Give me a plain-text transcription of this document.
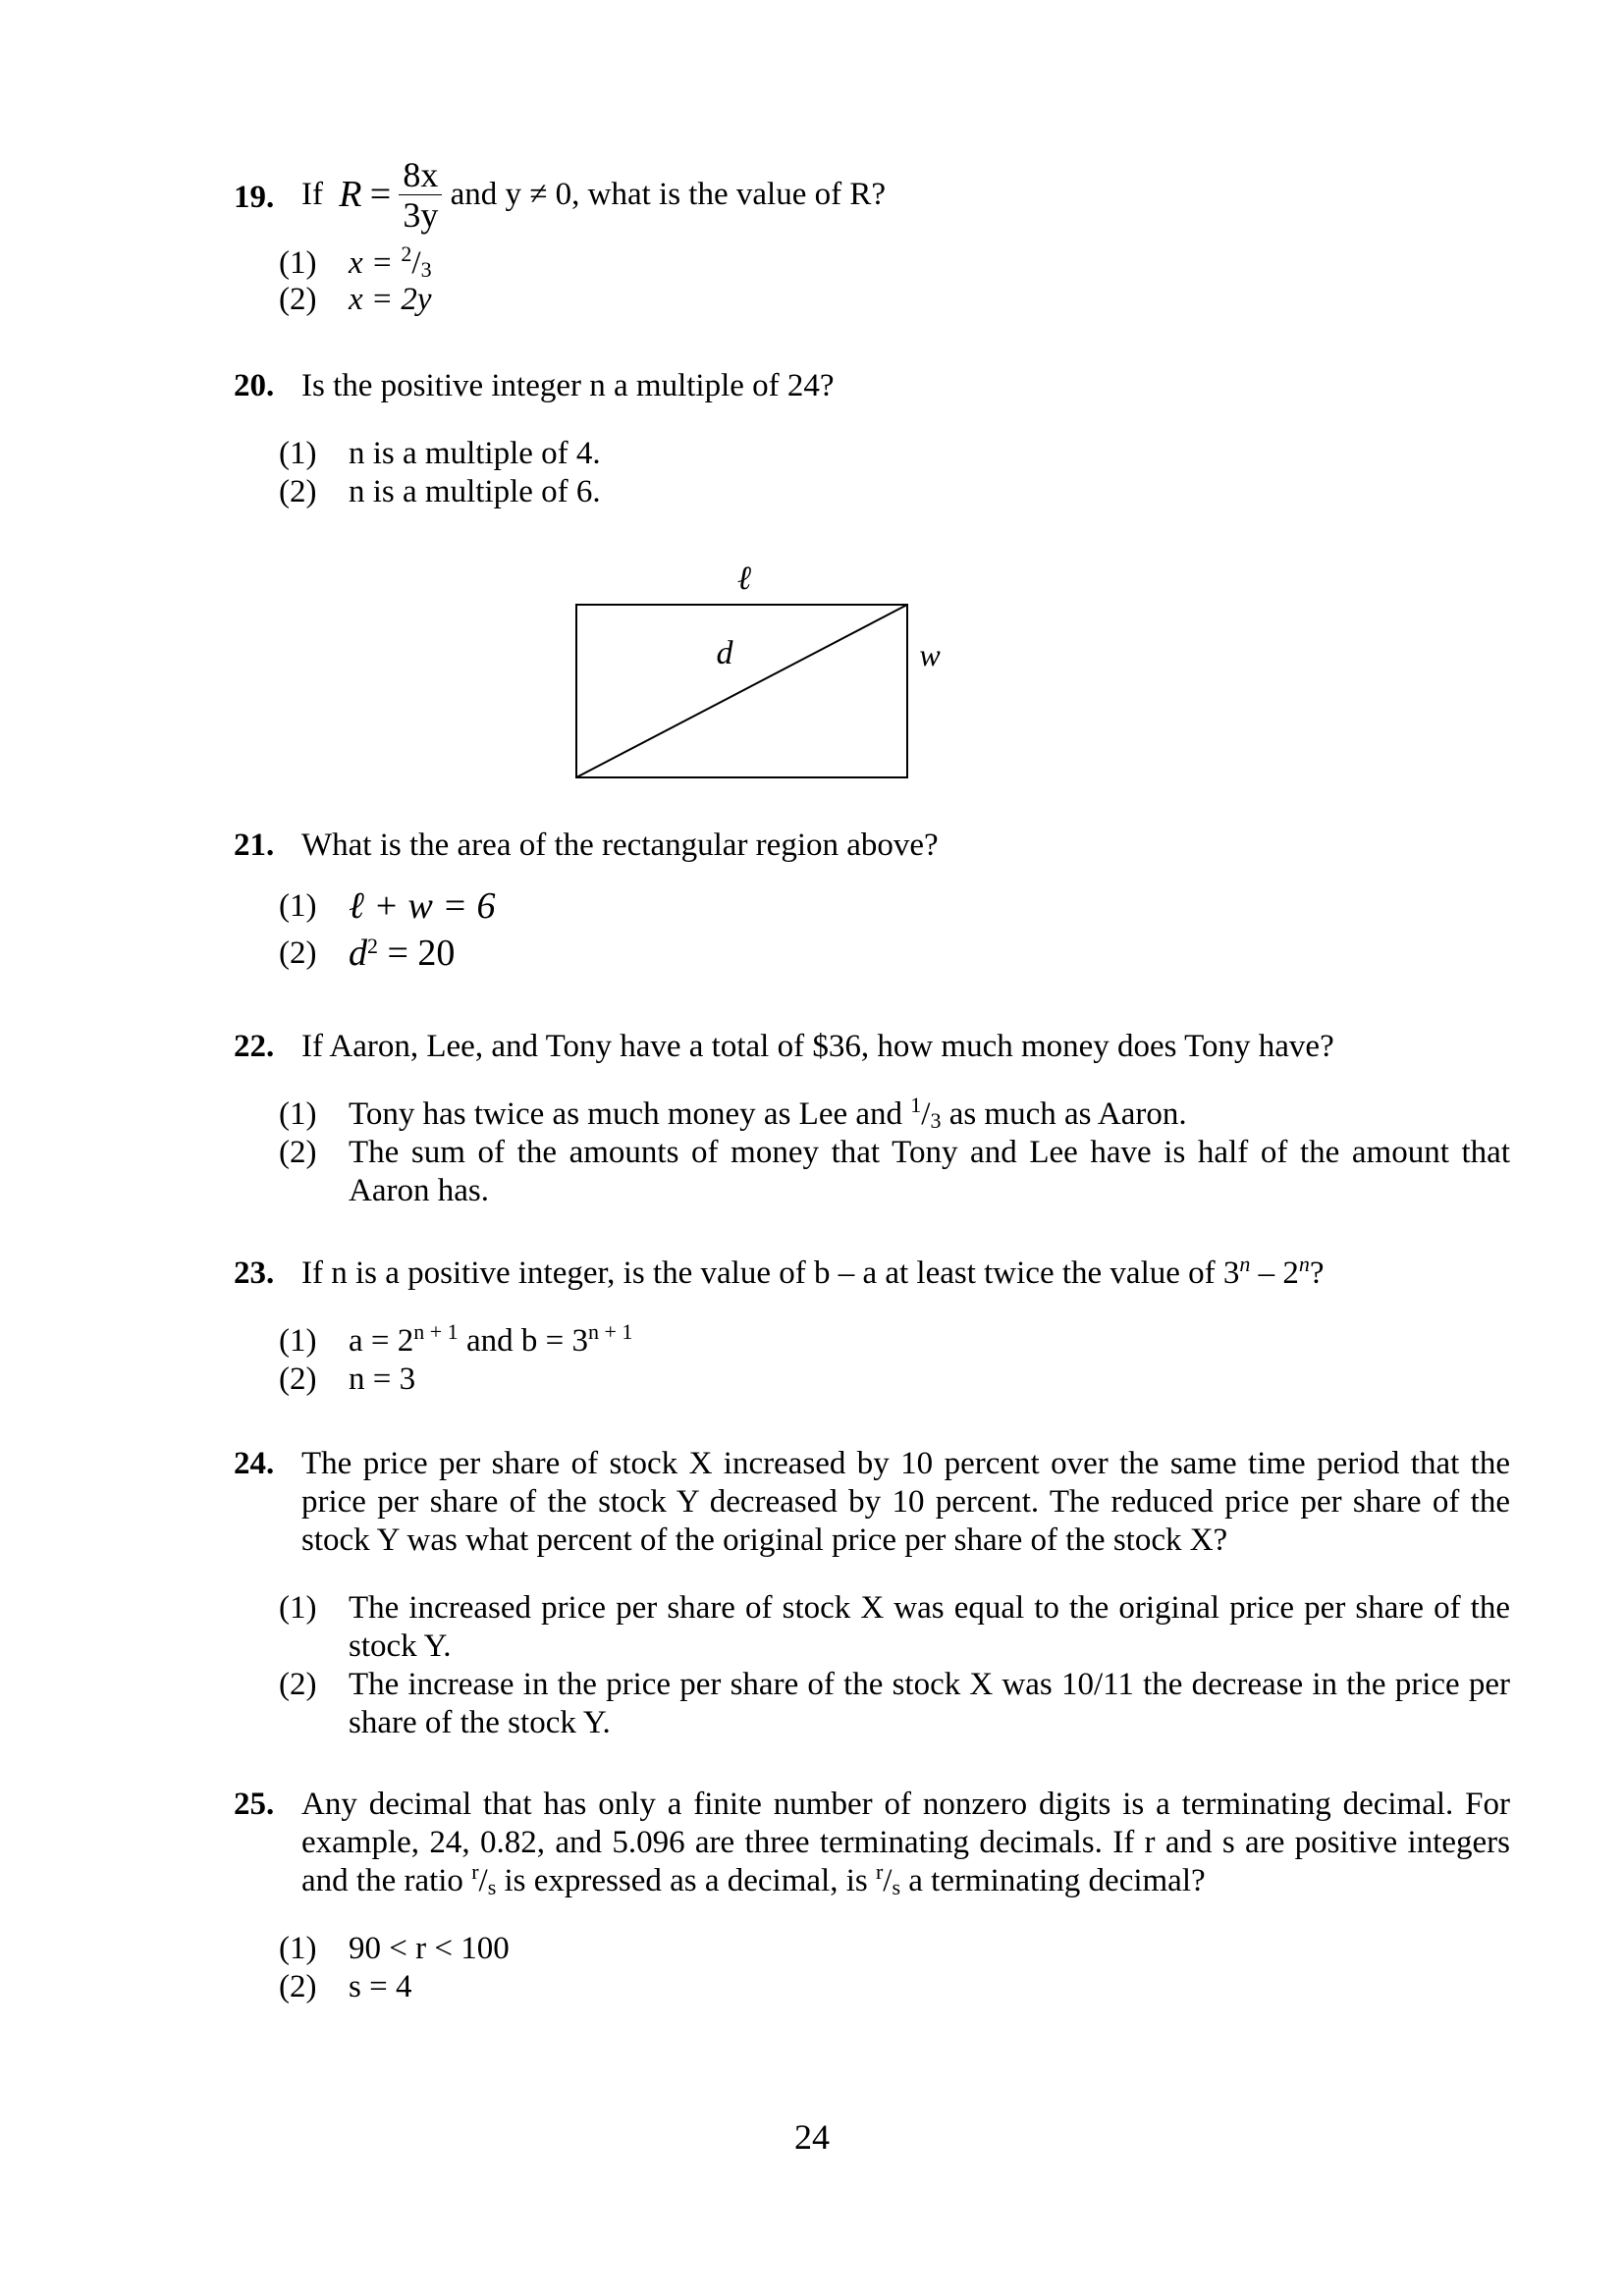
19. If $R = \frac{8x}{3y}$ and y ≠ 0, what is the value of R?
(1) $x = ^2/_3$
(2) x = 2y
20. Is the positive integer n a multiple of 24?
(1) n is a multiple of 4.
(2) n is a multiple of 6.
ℓ
d	w
21. What is the area of the rectangular region above?
(1) ℓ + w = 6
(2) $d^2 = 20$
22. If Aaron, Lee, and Tony have a total of $36, how much money does Tony have?
(1) Tony has twice as much money as Lee and $^1/_3$ as much as Aaron.
(2) The sum of the amounts of money that Tony and Lee have is half of the amount that Aaron has.
23. If n is a positive integer, is the value of b – a at least twice the value of 3$^n$ – 2$^n$?
(1) $a = 2^{n + 1}$ and $b = 3^{n + 1}$
(2) n = 3
24. The price per share of stock X increased by 10 percent over the same time period that the price per share of the stock Y decreased by 10 percent. The reduced price per share of the stock Y was what percent of the original price per share of the stock X?
(1) The increased price per share of stock X was equal to the original price per share of the stock Y.
(2) The increase in the price per share of the stock X was 10/11 the decrease in the price per share of the stock Y.
25. Any decimal that has only a finite number of nonzero digits is a terminating decimal. For example, 24, 0.82, and 5.096 are three terminating decimals. If r and s are positive integers and the ratio $^r/_s$ is expressed as a decimal, is $^r/_s$ a terminating decimal?
(1) 90 < r < 100
(2) s = 4
24
